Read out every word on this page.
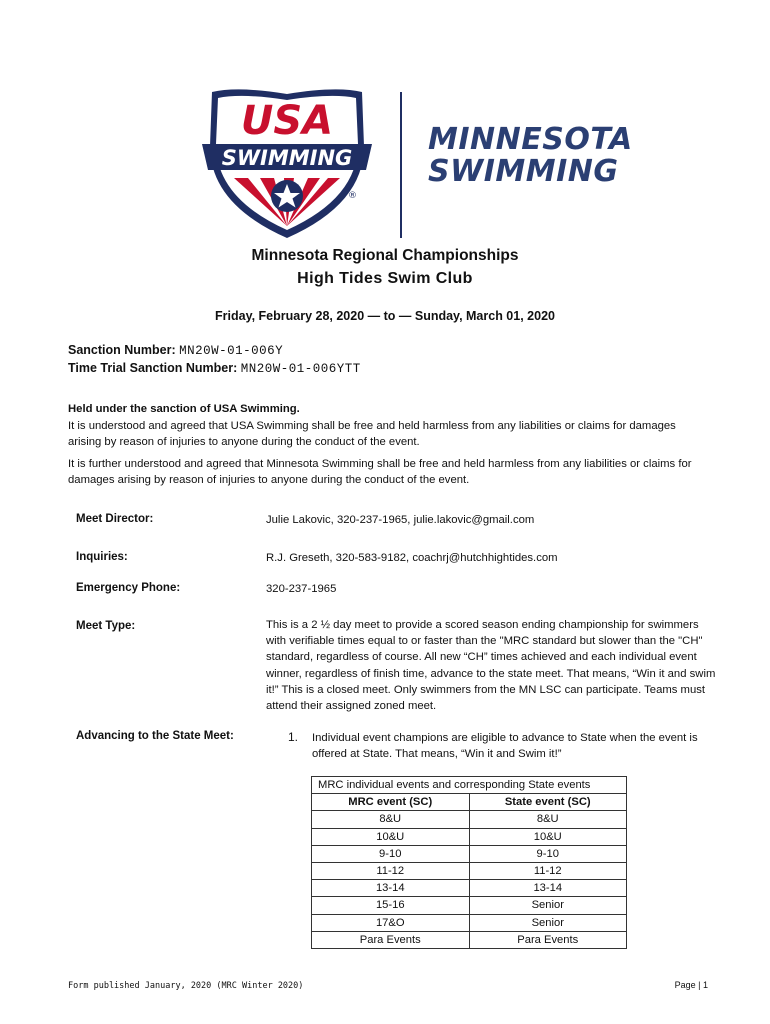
USA
SWIMMING
®
MINNESOTA
SWIMMING
Minnesota Regional Championships
High Tides Swim Club
Friday, February 28, 2020 — to — Sunday, March 01, 2020
Sanction Number: MN20W-01-006Y
Time Trial Sanction Number: MN20W-01-006YTT
Held under the sanction of USA Swimming.
It is understood and agreed that USA Swimming shall be free and held harmless from any liabilities or claims for damages arising by reason of injuries to anyone during the conduct of the event.
It is further understood and agreed that Minnesota Swimming shall be free and held harmless from any liabilities or claims for damages arising by reason of injuries to anyone during the conduct of the event.
Meet Director:	Julie Lakovic, 320-237-1965, julie.lakovic@gmail.com
Inquiries:	R.J. Greseth, 320-583-9182, coachrj@hutchhightides.com
Emergency Phone:	320-237-1965
Meet Type:	This is a 2 ½ day meet to provide a scored season ending championship for swimmers with verifiable times equal to or faster than the "MRC standard but slower than the "CH" standard, regardless of course. All new “CH” times achieved and each individual event winner, regardless of finish time, advance to the state meet. That means, “Win it and swim it!” This is a closed meet. Only swimmers from the MN LSC can participate. Teams must attend their assigned zoned meet.
Advancing to the State Meet:	1. Individual event champions are eligible to advance to State when the event is offered at State. That means, “Win it and Swim it!”
MRC individual events and corresponding State events	
MRC event (SC)	State event (SC)
8&U	8&U
10&U	10&U
9-10	9-10
11-12	11-12
13-14	13-14
15-16	Senior
17&O	Senior
Para Events	Para Events
Form published January, 2020 (MRC Winter 2020)	Page | 1
